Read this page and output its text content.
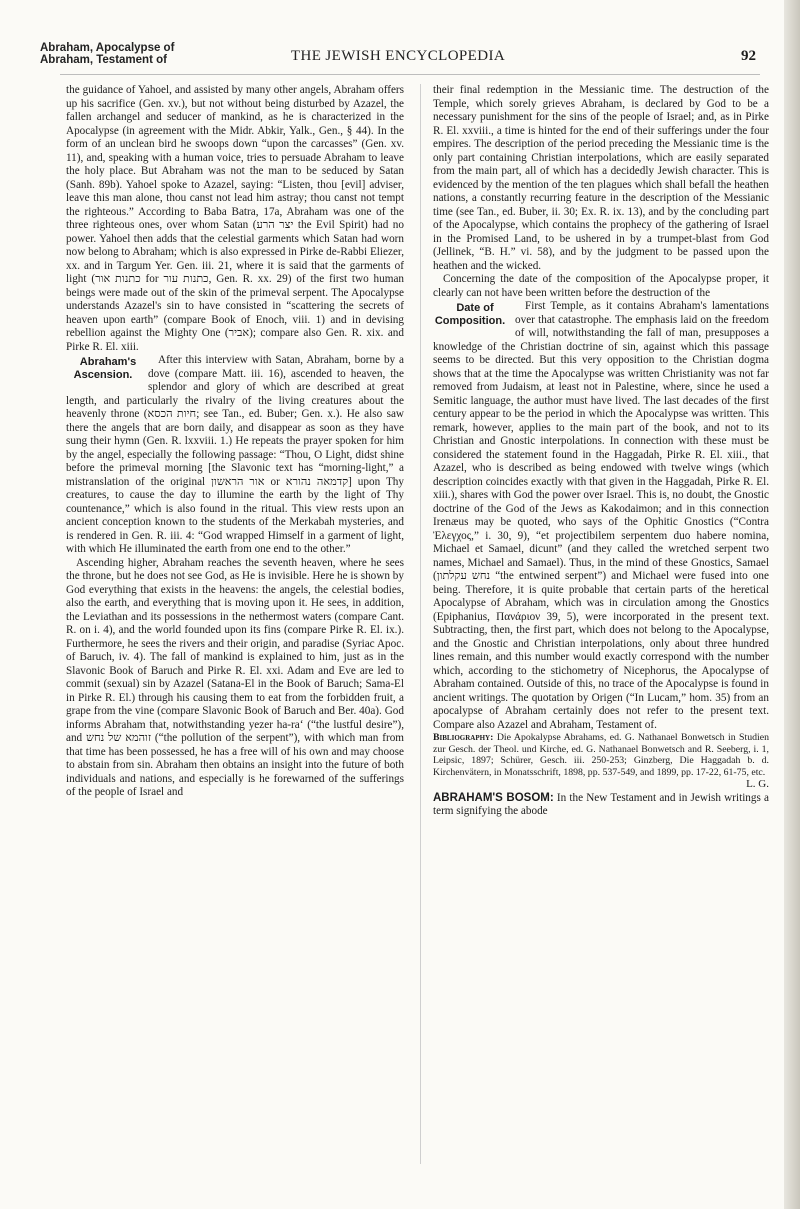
Abraham, Apocalypse of
Abraham, Testament of	THE JEWISH ENCYCLOPEDIA	92

the guidance of Yahoel, and assisted by many other angels, Abraham offers up his sacrifice (Gen. xv.), but not without being disturbed by Azazel, the fallen archangel and seducer of mankind, as he is characterized in the Apocalypse (in agreement with the Midr. Abkir, Yalk., Gen., § 44). In the form of an unclean bird he swoops down “upon the carcasses” (Gen. xv. 11), and, speaking with a human voice, tries to persuade Abraham to leave the holy place. But Abraham was not the man to be seduced by Satan (Sanh. 89b). Yahoel spoke to Azazel, saying: “Listen, thou [evil] adviser, leave this man alone, thou canst not lead him astray; thou canst not tempt the righteous.” According to Baba Batra, 17a, Abraham was one of the three righteous ones, over whom Satan (יצר הרע the Evil Spirit) had no power. Yahoel then adds that the celestial garments which Satan had worn now belong to Abraham; which is also expressed in Pirke de-Rabbi Eliezer, xx. and in Targum Yer. Gen. iii. 21, where it is said that the garments of light (כתנות אור for כתנות עור, Gen. R. xx. 29) of the first two human beings were made out of the skin of the primeval serpent. The Apocalypse understands Azazel's sin to have consisted in “scattering the secrets of heaven upon earth” (compare Book of Enoch, viii. 1) and in devising rebellion against the Mighty One (אביר); compare also Gen. R. xix. and Pirke R. El. xiii.

Abraham's Ascension.
After this interview with Satan, Abraham, borne by a dove (compare Matt. iii. 16), ascended to heaven, the splendor and glory of which are described at great length, and particularly the rivalry of the living creatures about the heavenly throne (חיות הכסא; see Tan., ed. Buber; Gen. x.). He also saw there the angels that are born daily, and disappear as soon as they have sung their hymn (Gen. R. lxxviii. 1.) He repeats the prayer spoken for him by the angel, especially the following passage: “Thou, O Light, didst shine before the primeval morning [the Slavonic text has “morning-light,” a mistranslation of the original אור הראשון or קדמאה נהורא] upon Thy creatures, to cause the day to illumine the earth by the light of Thy countenance,” which is also found in the ritual. This view rests upon an ancient conception known to the students of the Merkabah mysteries, and is rendered in Gen. R. iii. 4: “God wrapped Himself in a garment of light, with which He illuminated the earth from one end to the other.”

Ascending higher, Abraham reaches the seventh heaven, where he sees the throne, but he does not see God, as He is invisible. Here he is shown by God everything that exists in the heavens: the angels, the celestial bodies, also the earth, and everything that is moving upon it. He sees, in addition, the Leviathan and its possessions in the nethermost waters (compare Cant. R. on i. 4), and the world founded upon its fins (compare Pirke R. El. ix.). Furthermore, he sees the rivers and their origin, and paradise (Syriac Apoc. of Baruch, iv. 4). The fall of mankind is explained to him, just as in the Slavonic Book of Baruch and Pirke R. El. xxi. Adam and Eve are led to commit (sexual) sin by Azazel (Satana-El in the Book of Baruch; Sama-El in Pirke R. El.) through his causing them to eat from the forbidden fruit, a grape from the vine (compare Slavonic Book of Baruch and Ber. 40a). God informs Abraham that, notwithstanding yezer ha-ra‘ (“the lustful desire”), and זוהמא של נחש (“the pollution of the serpent”), with which man from that time has been possessed, he has a free will of his own and may choose to abstain from sin. Abraham then obtains an insight into the future of both individuals and nations, and especially is he forewarned of the sufferings of the people of Israel and

their final redemption in the Messianic time. The destruction of the Temple, which sorely grieves Abraham, is declared by God to be a necessary punishment for the sins of the people of Israel; and, as in Pirke R. El. xxviii., a time is hinted for the end of their sufferings under the four empires. The description of the period preceding the Messianic time is the only part containing Christian interpolations, which are easily separated from the main part, all of which has a decidedly Jewish character. This is evidenced by the mention of the ten plagues which shall befall the heathen nations, a constantly recurring feature in the description of the Messianic time (see Tan., ed. Buber, ii. 30; Ex. R. ix. 13), and by the concluding part of the Apocalypse, which contains the prophecy of the gathering of Israel in the Promised Land, to be ushered in by a trumpet-blast from God (Jellinek, “B. H.” vi. 58), and by the judgment to be passed upon the heathen and the wicked.

Concerning the date of the composition of the Apocalypse proper, it clearly can not have been written before the destruction of the

Date of Composition.
First Temple, as it contains Abraham's lamentations over that catastrophe. The emphasis laid on the freedom of will, notwithstanding the fall of man, presupposes a knowledge of the Christian doctrine of sin, against which this passage seems to be directed. But this very opposition to the Christian dogma shows that at the time the Apocalypse was written Christianity was not far removed from Judaism, at least not in Palestine, where, since he used a Semitic language, the author must have lived. The last decades of the first century appear to be the period in which the Apocalypse was written. This remark, however, applies to the main part of the book, and not to its Christian and Gnostic interpolations. In connection with these must be considered the statement found in the Haggadah, Pirke R. El. xiii., that Azazel, who is described as being endowed with twelve wings (which description coincides exactly with that given in the Haggadah, Pirke R. El. xiii.), shares with God the power over Israel. This is, no doubt, the Gnostic doctrine of the God of the Jews as Kakodaimon; and in this connection Irenæus may be quoted, who says of the Ophitic Gnostics (“Contra Ἐλεγχος,” i. 30, 9), “et projectibilem serpentem duo habere nomina, Michael et Samael, dicunt” (and they called the wretched serpent two names, Michael and Samael). Thus, in the mind of these Gnostics, Samael (נחש עקלתון “the entwined serpent”) and Michael were fused into one being. Therefore, it is quite probable that certain parts of the heretical Apocalypse of Abraham, which was in circulation among the Gnostics (Epiphanius, Πανάριον 39, 5), were incorporated in the present text. Subtracting, then, the first part, which does not belong to the Apocalypse, and the Gnostic and Christian interpolations, only about three hundred lines remain, and this number would exactly correspond with the number which, according to the stichometry of Nicephorus, the Apocalypse of Abraham contained. Outside of this, no trace of the Apocalypse is found in ancient writings. The quotation by Origen (“In Lucam,” hom. 35) from an apocalypse of Abraham certainly does not refer to the present text. Compare also Azazel and Abraham, Testament of.

Bibliography: Die Apokalypse Abrahams, ed. G. Nathanael Bonwetsch in Studien zur Gesch. der Theol. und Kirche, ed. G. Nathanael Bonwetsch and R. Seeberg, i. 1, Leipsic, 1897; Schürer, Gesch. iii. 250-253; Ginzberg, Die Haggadah b. d. Kirchenvätern, in Monatsschrift, 1898, pp. 537-549, and 1899, pp. 17-22, 61-75, etc.

L. G.

ABRAHAM'S BOSOM: In the New Testament and in Jewish writings a term signifying the abode
